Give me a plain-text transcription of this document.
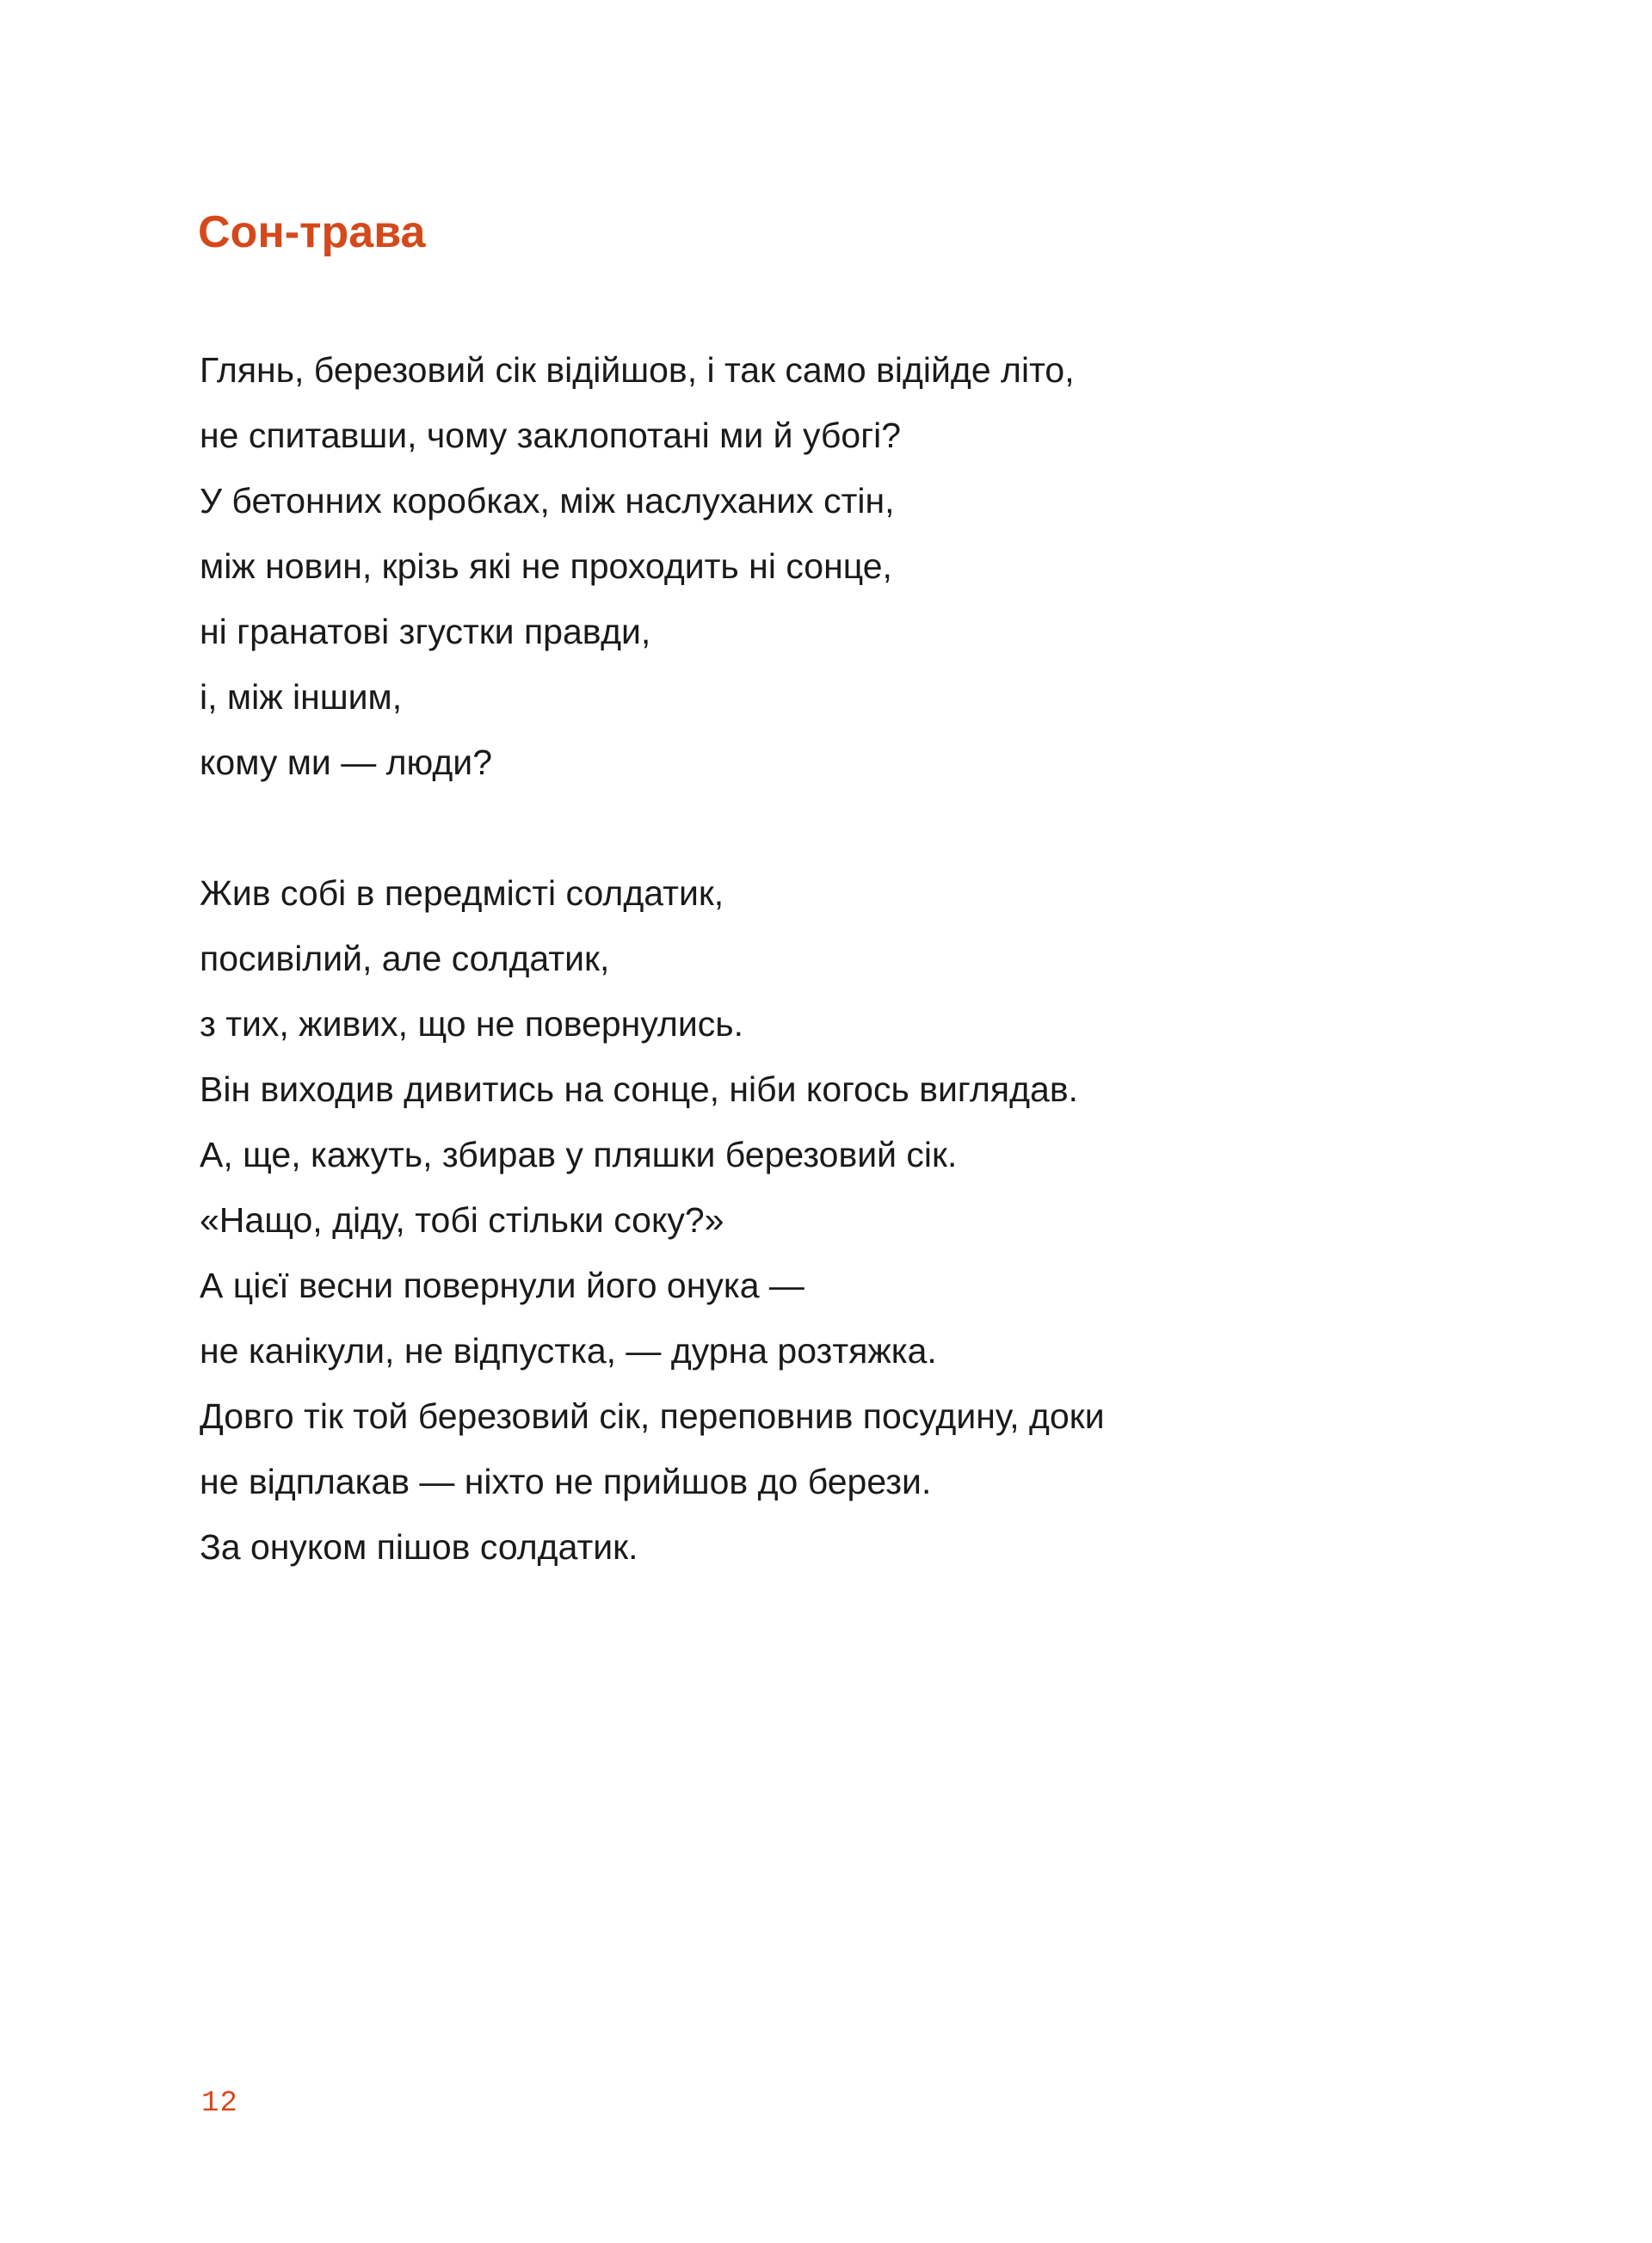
Сон-трава
Глянь, березовий сік відійшов, і так само відійде літо,
не спитавши, чому заклопотані ми й убогі?
У бетонних коробках, між наслуханих стін,
між новин, крізь які не проходить ні сонце,
ні гранатові згустки правди,
і, між іншим,
кому ми — люди?
Жив собі в передмісті солдатик,
посивілий, але солдатик,
з тих, живих, що не повернулись.
Він виходив дивитись на сонце, ніби когось виглядав.
А, ще, кажуть, збирав у пляшки березовий сік.
«Нащо, діду, тобі стільки соку?»
А цієї весни повернули його онука —
не канікули, не відпустка, — дурна розтяжка.
Довго тік той березовий сік, переповнив посудину, доки
не відплакав — ніхто не прийшов до берези.
За онуком пішов солдатик.
12
